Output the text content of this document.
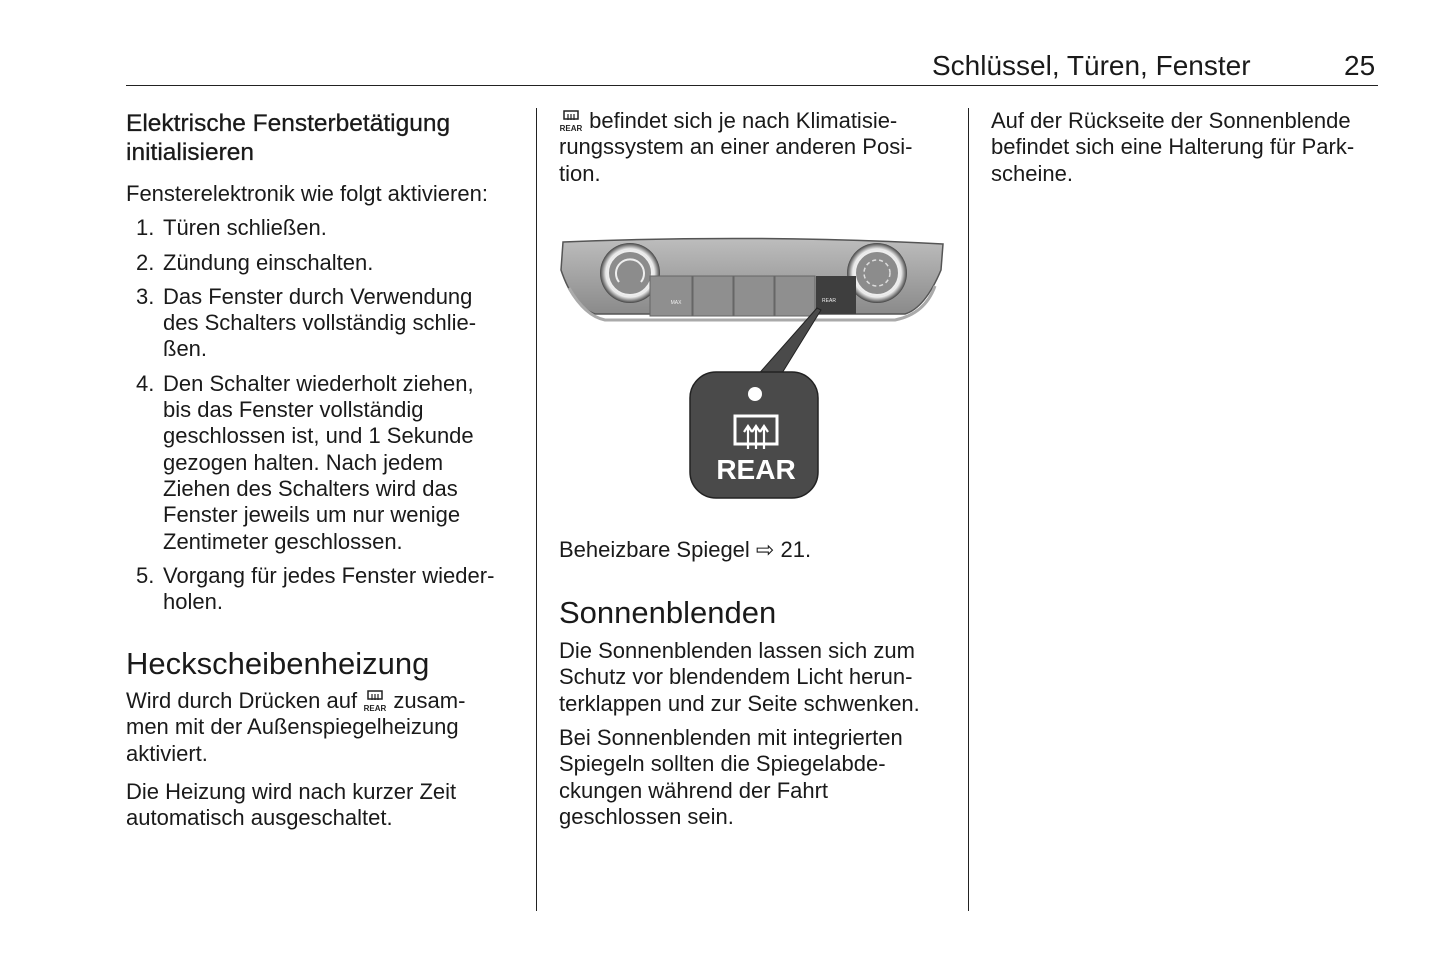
Schlüssel, Türen, Fenster	25
Elektrische Fensterbetätigung
initialisieren
Fensterelektronik wie folgt aktivieren:
1. Türen schließen.
2. Zündung einschalten.
3. Das Fenster durch Verwendung
des Schalters vollständig schlie-
ßen.
4. Den Schalter wiederholt ziehen,
bis das Fenster vollständig
geschlossen ist, und 1 Sekunde
gezogen halten. Nach jedem
Ziehen des Schalters wird das
Fenster jeweils um nur wenige
Zentimeter geschlossen.
5. Vorgang für jedes Fenster wieder-
holen.
Heckscheibenheizung
Wird durch Drücken auf REAR zusam-
men mit der Außenspiegelheizung
aktiviert.
Die Heizung wird nach kurzer Zeit
automatisch ausgeschaltet.
REAR befindet sich je nach Klimatisie-
rungssystem an einer anderen Posi-
tion.
MAX	REAR
REAR
Beheizbare Spiegel ⇨ 21.
Sonnenblenden
Die Sonnenblenden lassen sich zum
Schutz vor blendendem Licht herun-
terklappen und zur Seite schwenken.
Bei Sonnenblenden mit integrierten
Spiegeln sollten die Spiegelabde-
ckungen während der Fahrt
geschlossen sein.
Auf der Rückseite der Sonnenblende
befindet sich eine Halterung für Park-
scheine.
